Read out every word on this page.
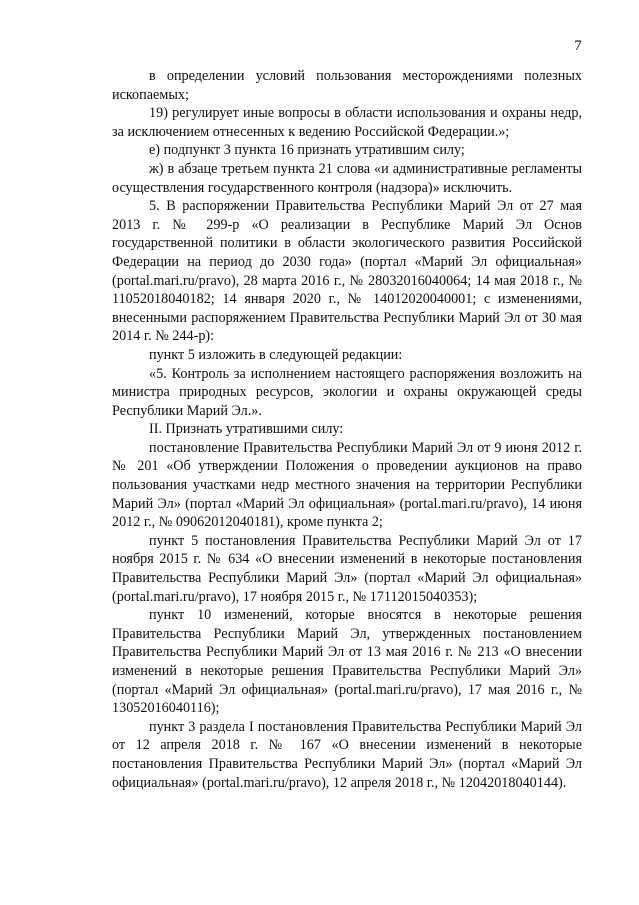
7

в определении условий пользования месторождениями полезных ископаемых;

19) регулирует иные вопросы в области использования и охраны недр, за исключением отнесенных к ведению Российской Федерации.»;

е) подпункт 3 пункта 16 признать утратившим силу;

ж) в абзаце третьем пункта 21 слова «и административные регламенты осуществления государственного контроля (надзора)» исключить.

5. В распоряжении Правительства Республики Марий Эл от 27 мая 2013 г. № 299-р «О реализации в Республике Марий Эл Основ государственной политики в области экологического развития Российской Федерации на период до 2030 года» (портал «Марий Эл официальная» (portal.mari.ru/pravo), 28 марта 2016 г., № 28032016040064; 14 мая 2018 г., № 11052018040182; 14 января 2020 г., № 14012020040001; с изменениями, внесенными распоряжением Правительства Республики Марий Эл от 30 мая 2014 г. № 244-р):

пункт 5 изложить в следующей редакции:

«5. Контроль за исполнением настоящего распоряжения возложить на министра природных ресурсов, экологии и охраны окружающей среды Республики Марий Эл.».

II. Признать утратившими силу:

постановление Правительства Республики Марий Эл от 9 июня 2012 г. № 201 «Об утверждении Положения о проведении аукционов на право пользования участками недр местного значения на территории Республики Марий Эл» (портал «Марий Эл официальная» (portal.mari.ru/pravo), 14 июня 2012 г., № 09062012040181), кроме пункта 2;

пункт 5 постановления Правительства Республики Марий Эл от 17 ноября 2015 г. № 634 «О внесении изменений в некоторые постановления Правительства Республики Марий Эл» (портал «Марий Эл официальная» (portal.mari.ru/pravo), 17 ноября 2015 г., № 17112015040353);

пункт 10 изменений, которые вносятся в некоторые решения Правительства Республики Марий Эл, утвержденных постановлением Правительства Республики Марий Эл от 13 мая 2016 г. № 213 «О внесении изменений в некоторые решения Правительства Республики Марий Эл» (портал «Марий Эл официальная» (portal.mari.ru/pravo), 17 мая 2016 г., № 13052016040116);

пункт 3 раздела I постановления Правительства Республики Марий Эл от 12 апреля 2018 г. № 167 «О внесении изменений в некоторые постановления Правительства Республики Марий Эл» (портал «Марий Эл официальная» (portal.mari.ru/pravo), 12 апреля 2018 г., № 12042018040144).
